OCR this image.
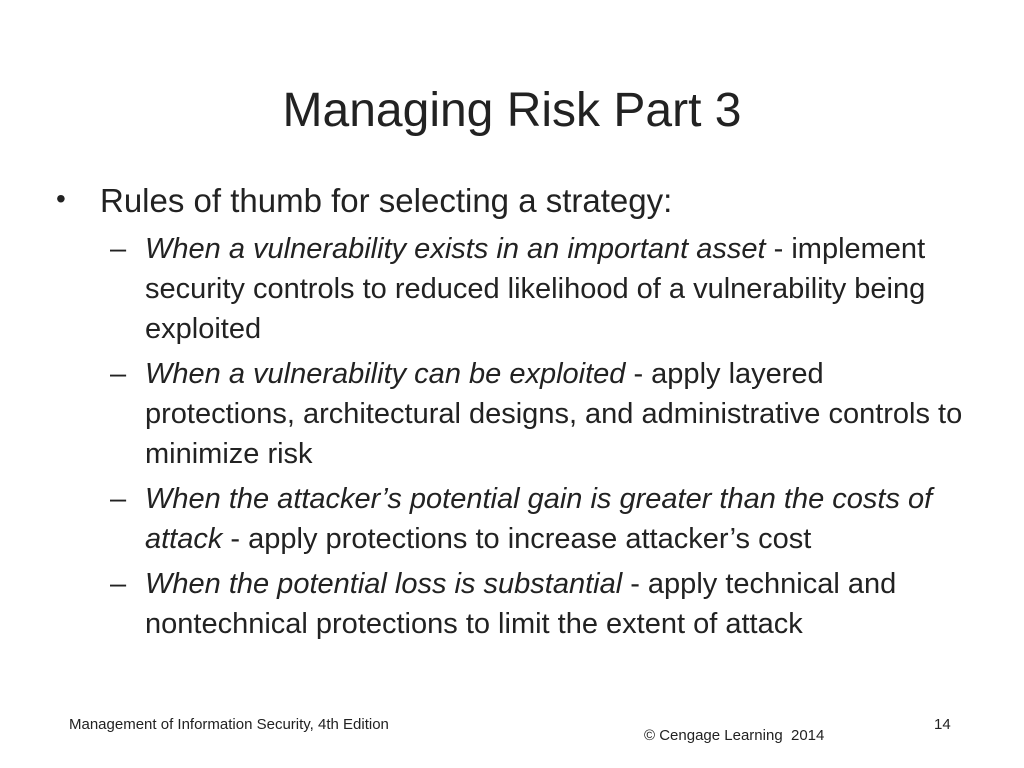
Managing Risk Part 3
• Rules of thumb for selecting a strategy:
– When a vulnerability exists in an important asset - implement security controls to reduced likelihood of a vulnerability being exploited
– When a vulnerability can be exploited - apply layered protections, architectural designs, and administrative controls to minimize risk
– When the attacker’s potential gain is greater than the costs of attack - apply protections to increase attacker’s cost
– When the potential loss is substantial - apply technical and nontechnical protections to limit the extent of attack
Management of Information Security, 4th Edition
© Cengage Learning  2014
14
